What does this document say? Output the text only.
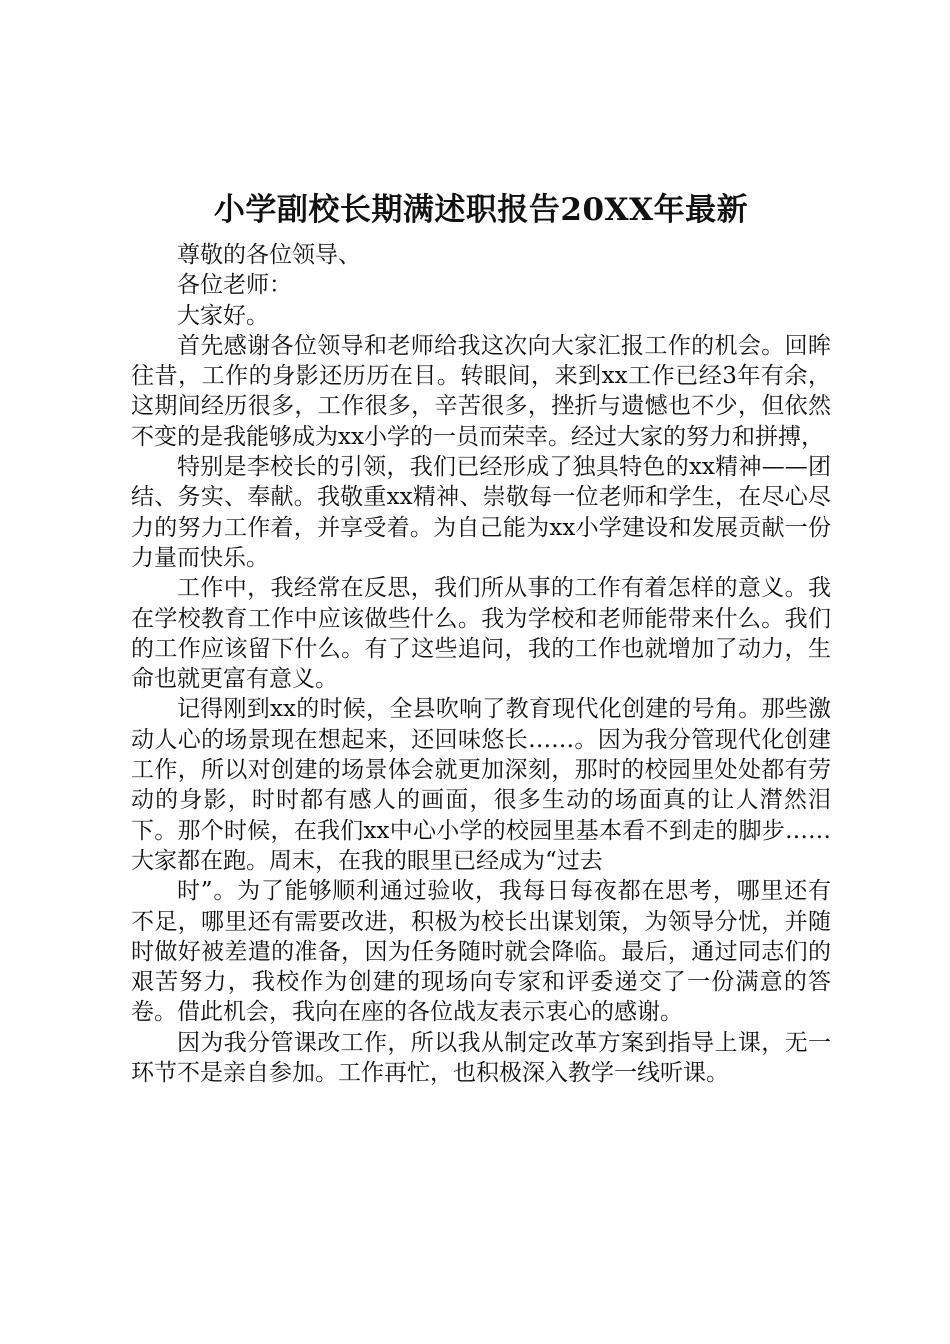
小学副校长期满述职报告20XX年最新

尊敬的各位领导、

各位老师：

大家好。

首先感谢各位领导和老师给我这次向大家汇报工作的机会。回眸往昔，工作的身影还历历在目。转眼间，来到xx工作已经3年有余，这期间经历很多，工作很多，辛苦很多，挫折与遗憾也不少，但依然不变的是我能够成为xx小学的一员而荣幸。经过大家的努力和拼搏，

特别是李校长的引领，我们已经形成了独具特色的xx精神——团结、务实、奉献。我敬重xx精神、崇敬每一位老师和学生，在尽心尽力的努力工作着，并享受着。为自己能为xx小学建设和发展贡献一份力量而快乐。

工作中，我经常在反思，我们所从事的工作有着怎样的意义。我在学校教育工作中应该做些什么。我为学校和老师能带来什么。我们的工作应该留下什么。有了这些追问，我的工作也就增加了动力，生命也就更富有意义。

记得刚到xx的时候，全县吹响了教育现代化创建的号角。那些激动人心的场景现在想起来，还回味悠长……。因为我分管现代化创建工作，所以对创建的场景体会就更加深刻，那时的校园里处处都有劳动的身影，时时都有感人的画面，很多生动的场面真的让人潸然泪下。那个时候，在我们xx中心小学的校园里基本看不到走的脚步……大家都在跑。周末，在我的眼里已经成为“过去

时”。为了能够顺利通过验收，我每日每夜都在思考，哪里还有不足，哪里还有需要改进，积极为校长出谋划策，为领导分忧，并随时做好被差遣的准备，因为任务随时就会降临。最后，通过同志们的艰苦努力，我校作为创建的现场向专家和评委递交了一份满意的答卷。借此机会，我向在座的各位战友表示衷心的感谢。

因为我分管课改工作，所以我从制定改革方案到指导上课，无一环节不是亲自参加。工作再忙，也积极深入教学一线听课。
